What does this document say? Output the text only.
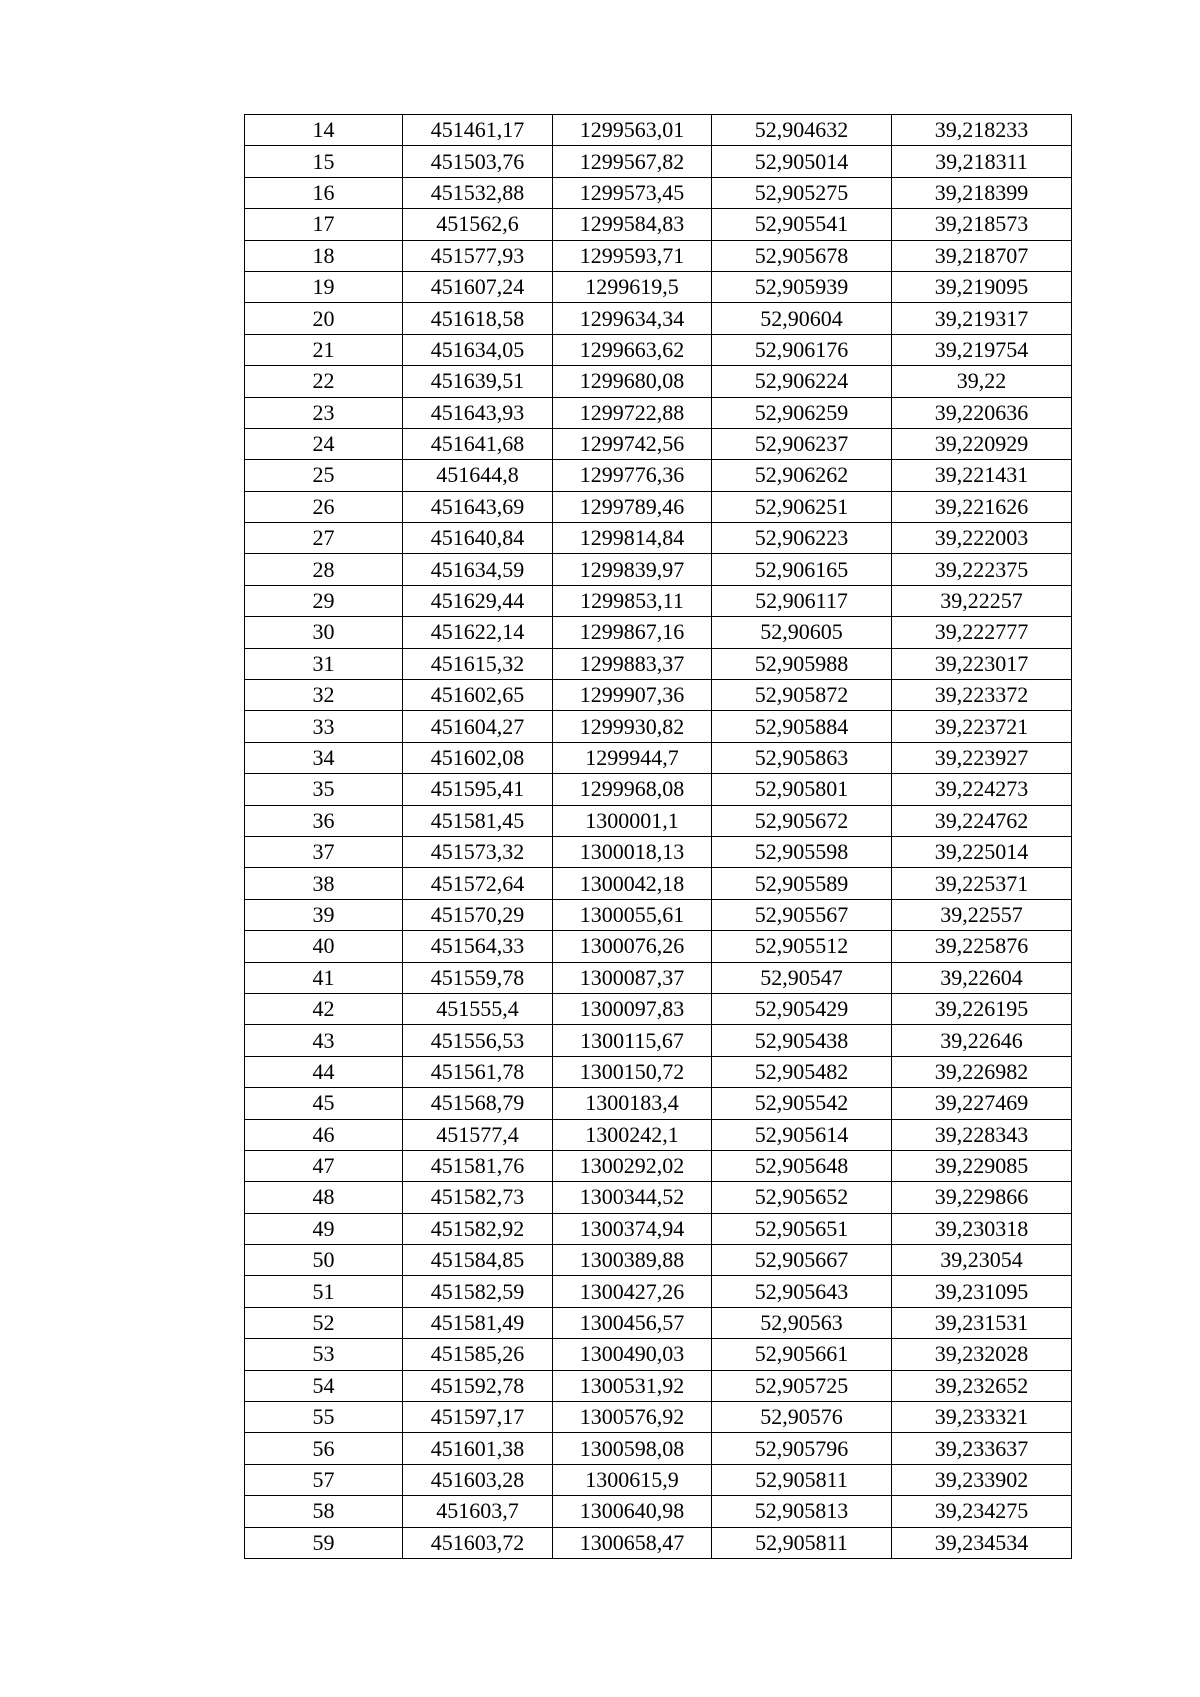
14	451461,17	1299563,01	52,904632	39,218233
15	451503,76	1299567,82	52,905014	39,218311
16	451532,88	1299573,45	52,905275	39,218399
17	451562,6	1299584,83	52,905541	39,218573
18	451577,93	1299593,71	52,905678	39,218707
19	451607,24	1299619,5	52,905939	39,219095
20	451618,58	1299634,34	52,90604	39,219317
21	451634,05	1299663,62	52,906176	39,219754
22	451639,51	1299680,08	52,906224	39,22
23	451643,93	1299722,88	52,906259	39,220636
24	451641,68	1299742,56	52,906237	39,220929
25	451644,8	1299776,36	52,906262	39,221431
26	451643,69	1299789,46	52,906251	39,221626
27	451640,84	1299814,84	52,906223	39,222003
28	451634,59	1299839,97	52,906165	39,222375
29	451629,44	1299853,11	52,906117	39,22257
30	451622,14	1299867,16	52,90605	39,222777
31	451615,32	1299883,37	52,905988	39,223017
32	451602,65	1299907,36	52,905872	39,223372
33	451604,27	1299930,82	52,905884	39,223721
34	451602,08	1299944,7	52,905863	39,223927
35	451595,41	1299968,08	52,905801	39,224273
36	451581,45	1300001,1	52,905672	39,224762
37	451573,32	1300018,13	52,905598	39,225014
38	451572,64	1300042,18	52,905589	39,225371
39	451570,29	1300055,61	52,905567	39,22557
40	451564,33	1300076,26	52,905512	39,225876
41	451559,78	1300087,37	52,90547	39,22604
42	451555,4	1300097,83	52,905429	39,226195
43	451556,53	1300115,67	52,905438	39,22646
44	451561,78	1300150,72	52,905482	39,226982
45	451568,79	1300183,4	52,905542	39,227469
46	451577,4	1300242,1	52,905614	39,228343
47	451581,76	1300292,02	52,905648	39,229085
48	451582,73	1300344,52	52,905652	39,229866
49	451582,92	1300374,94	52,905651	39,230318
50	451584,85	1300389,88	52,905667	39,23054
51	451582,59	1300427,26	52,905643	39,231095
52	451581,49	1300456,57	52,90563	39,231531
53	451585,26	1300490,03	52,905661	39,232028
54	451592,78	1300531,92	52,905725	39,232652
55	451597,17	1300576,92	52,90576	39,233321
56	451601,38	1300598,08	52,905796	39,233637
57	451603,28	1300615,9	52,905811	39,233902
58	451603,7	1300640,98	52,905813	39,234275
59	451603,72	1300658,47	52,905811	39,234534
